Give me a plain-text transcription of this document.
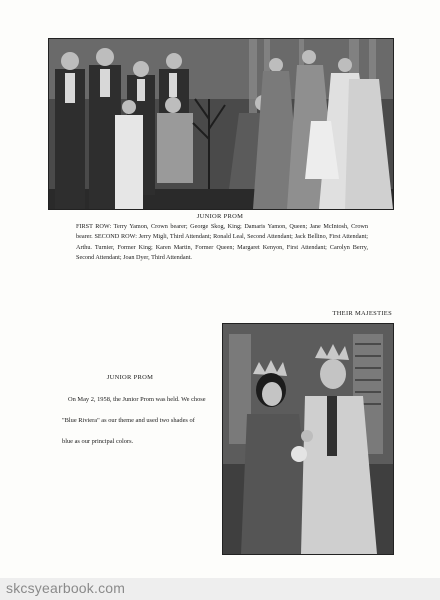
JUNIOR PROM
FIRST ROW: Terry Yamon, Crown bearer; George Skog, King; Damaris Yamon, Queen; Jane McIntosh, Crown bearer. SECOND ROW: Jerry Migli, Third Attendant; Ronald Leal, Second Attendant; Jack Bellino, First Attendant; Arthu. Turnier, Former King; Karen Martin, Former Queen; Margaret Kenyon, First Attendant; Carolyn Berry, Second Attendant; Joan Dyer, Third Attendant.
THEIR MAJESTIES
JUNIOR PROM

On May 2, 1958, the Junior Prom was held. We chose "Blue Riviera" as our theme and used two shades of blue as our principal colors.

skcsyearbook.com
